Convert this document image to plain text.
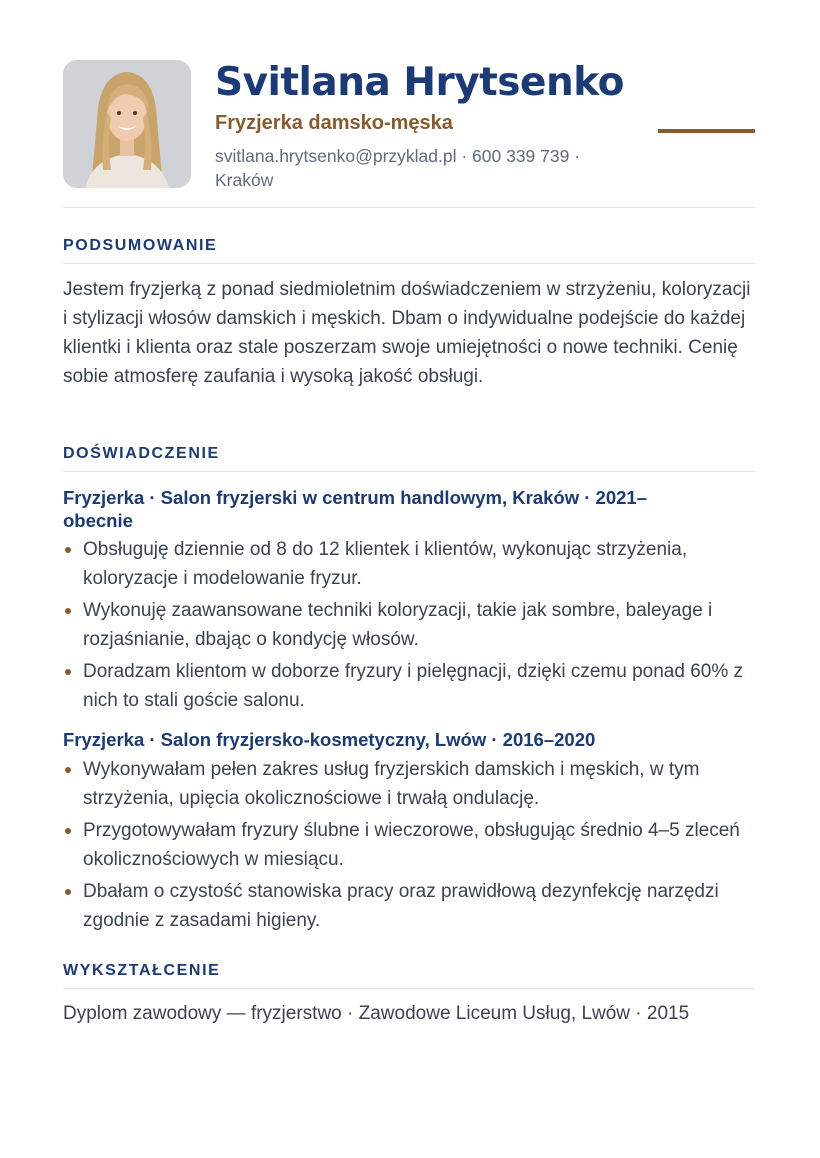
Svitlana Hrytsenko
Fryzjerka damsko-męska
svitlana.hrytsenko@przyklad.pl · 600 339 739 · Kraków
PODSUMOWANIE
Jestem fryzjerką z ponad siedmioletnim doświadczeniem w strzyżeniu, koloryzacji i stylizacji włosów damskich i męskich. Dbam o indywidualne podejście do każdej klientki i klienta oraz stale poszerzam swoje umiejętności o nowe techniki. Cenię sobie atmosferę zaufania i wysoką jakość obsługi.
DOŚWIADCZENIE
Fryzjerka · Salon fryzjerski w centrum handlowym, Kraków · 2021–obecnie
Obsługuję dziennie od 8 do 12 klientek i klientów, wykonując strzyżenia, koloryzacje i modelowanie fryzur.
Wykonuję zaawansowane techniki koloryzacji, takie jak sombre, baleyage i rozjaśnianie, dbając o kondycję włosów.
Doradzam klientom w doborze fryzury i pielęgnacji, dzięki czemu ponad 60% z nich to stali goście salonu.
Fryzjerka · Salon fryzjersko-kosmetyczny, Lwów · 2016–2020
Wykonywałam pełen zakres usług fryzjerskich damskich i męskich, w tym strzyżenia, upięcia okolicznościowe i trwałą ondulację.
Przygotowywałam fryzury ślubne i wieczorowe, obsługując średnio 4–5 zleceń okolicznościowych w miesiącu.
Dbałam o czystość stanowiska pracy oraz prawidłową dezynfekcję narzędzi zgodnie z zasadami higieny.
WYKSZTAŁCENIE
Dyplom zawodowy — fryzjerstwo · Zawodowe Liceum Usług, Lwów · 2015
